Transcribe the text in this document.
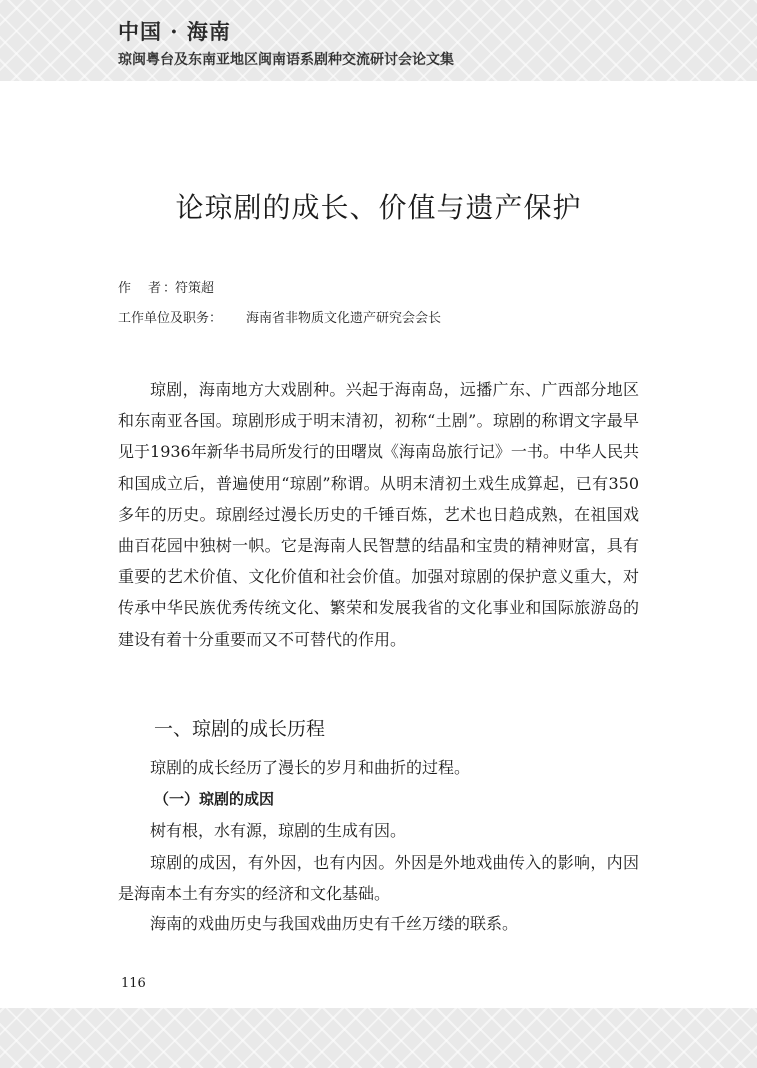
中国 · 海南
琼闽粤台及东南亚地区闽南语系剧种交流研讨会论文集
论琼剧的成长、价值与遗产保护
作　者：符策超
工作单位及职务： 海南省非物质文化遗产研究会会长

琼剧，海南地方大戏剧种。兴起于海南岛，远播广东、广西部分地区和东南亚各国。琼剧形成于明末清初，初称“土剧”。琼剧的称谓文字最早见于1936年新华书局所发行的田曙岚《海南岛旅行记》一书。中华人民共和国成立后，普遍使用“琼剧”称谓。从明末清初土戏生成算起，已有350多年的历史。琼剧经过漫长历史的千锤百炼，艺术也日趋成熟，在祖国戏曲百花园中独树一帜。它是海南人民智慧的结晶和宝贵的精神财富，具有重要的艺术价值、文化价值和社会价值。加强对琼剧的保护意义重大，对传承中华民族优秀传统文化、繁荣和发展我省的文化事业和国际旅游岛的建设有着十分重要而又不可替代的作用。

一、琼剧的成长历程

琼剧的成长经历了漫长的岁月和曲折的过程。

（一）琼剧的成因

树有根，水有源，琼剧的生成有因。

琼剧的成因，有外因，也有内因。外因是外地戏曲传入的影响，内因是海南本土有夯实的经济和文化基础。

海南的戏曲历史与我国戏曲历史有千丝万缕的联系。

116
